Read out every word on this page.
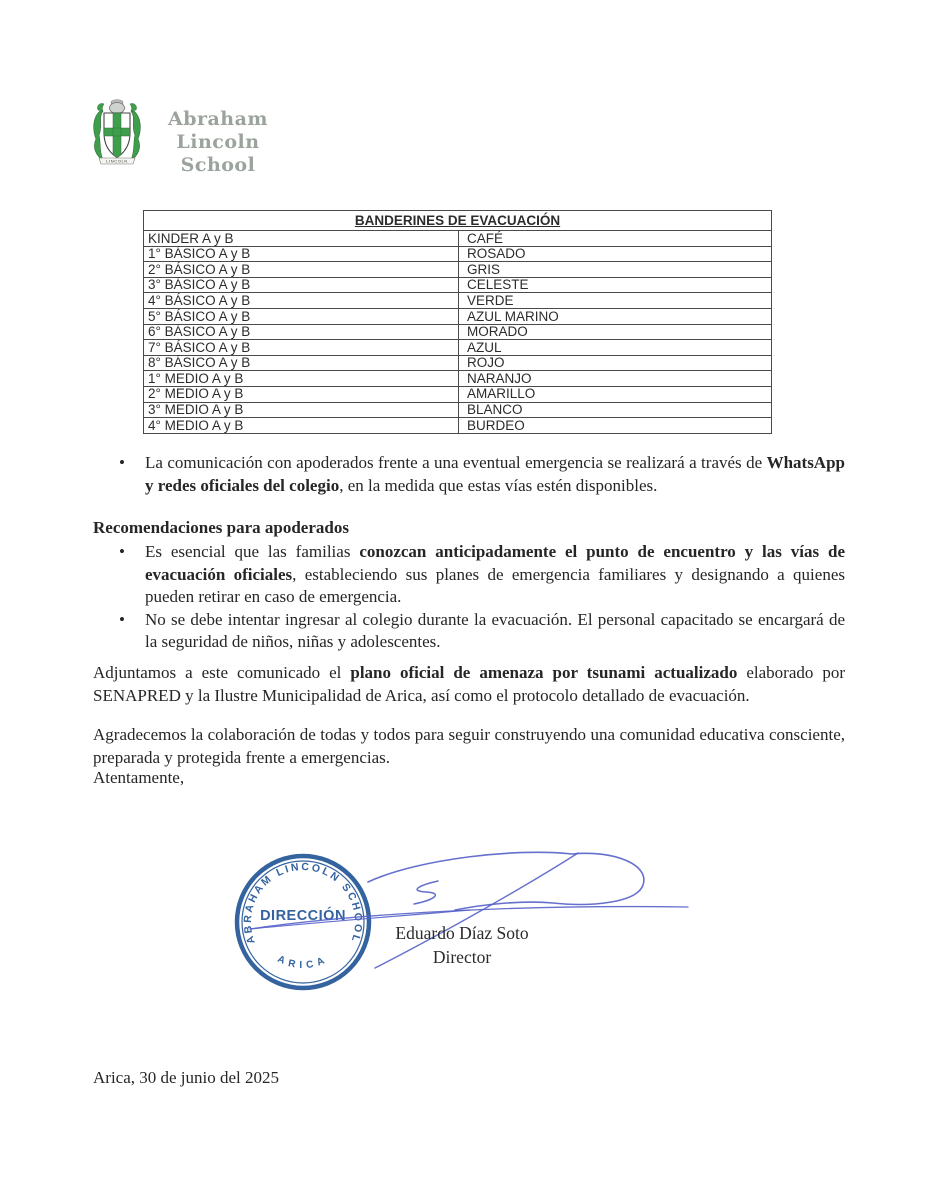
LINCOLN
Abraham Lincoln
School
BANDERINES DE EVACUACIÓN	
KINDER A y B	CAFÉ
1° BÁSICO A y B	ROSADO
2° BÁSICO A y B	GRIS
3° BÁSICO A y B	CELESTE
4° BÁSICO A y B	VERDE
5° BÁSICO A y B	AZUL MARINO
6° BÁSICO A y B	MORADO
7° BÁSICO A y B	AZUL
8° BÁSICO A y B	ROJO
1° MEDIO A y B	NARANJO
2° MEDIO A y B	AMARILLO
3° MEDIO A y B	BLANCO
4° MEDIO A y B	BURDEO
• La comunicación con apoderados frente a una eventual emergencia se realizará a través de WhatsApp y redes oficiales del colegio, en la medida que estas vías estén disponibles.
Recomendaciones para apoderados
• Es esencial que las familias conozcan anticipadamente el punto de encuentro y las vías de evacuación oficiales, estableciendo sus planes de emergencia familiares y designando a quienes pueden retirar en caso de emergencia.
• No se debe intentar ingresar al colegio durante la evacuación. El personal capacitado se encargará de la seguridad de niños, niñas y adolescentes.
Adjuntamos a este comunicado el plano oficial de amenaza por tsunami actualizado elaborado por SENAPRED y la Ilustre Municipalidad de Arica, así como el protocolo detallado de evacuación.
Agradecemos la colaboración de todas y todos para seguir construyendo una comunidad educativa consciente, preparada y protegida frente a emergencias.
Atentamente,
ABRAHAM LINCOLN SCHOOL
ARICA
DIRECCIÓN
Eduardo Díaz Soto
Director
Arica, 30 de junio del 2025
